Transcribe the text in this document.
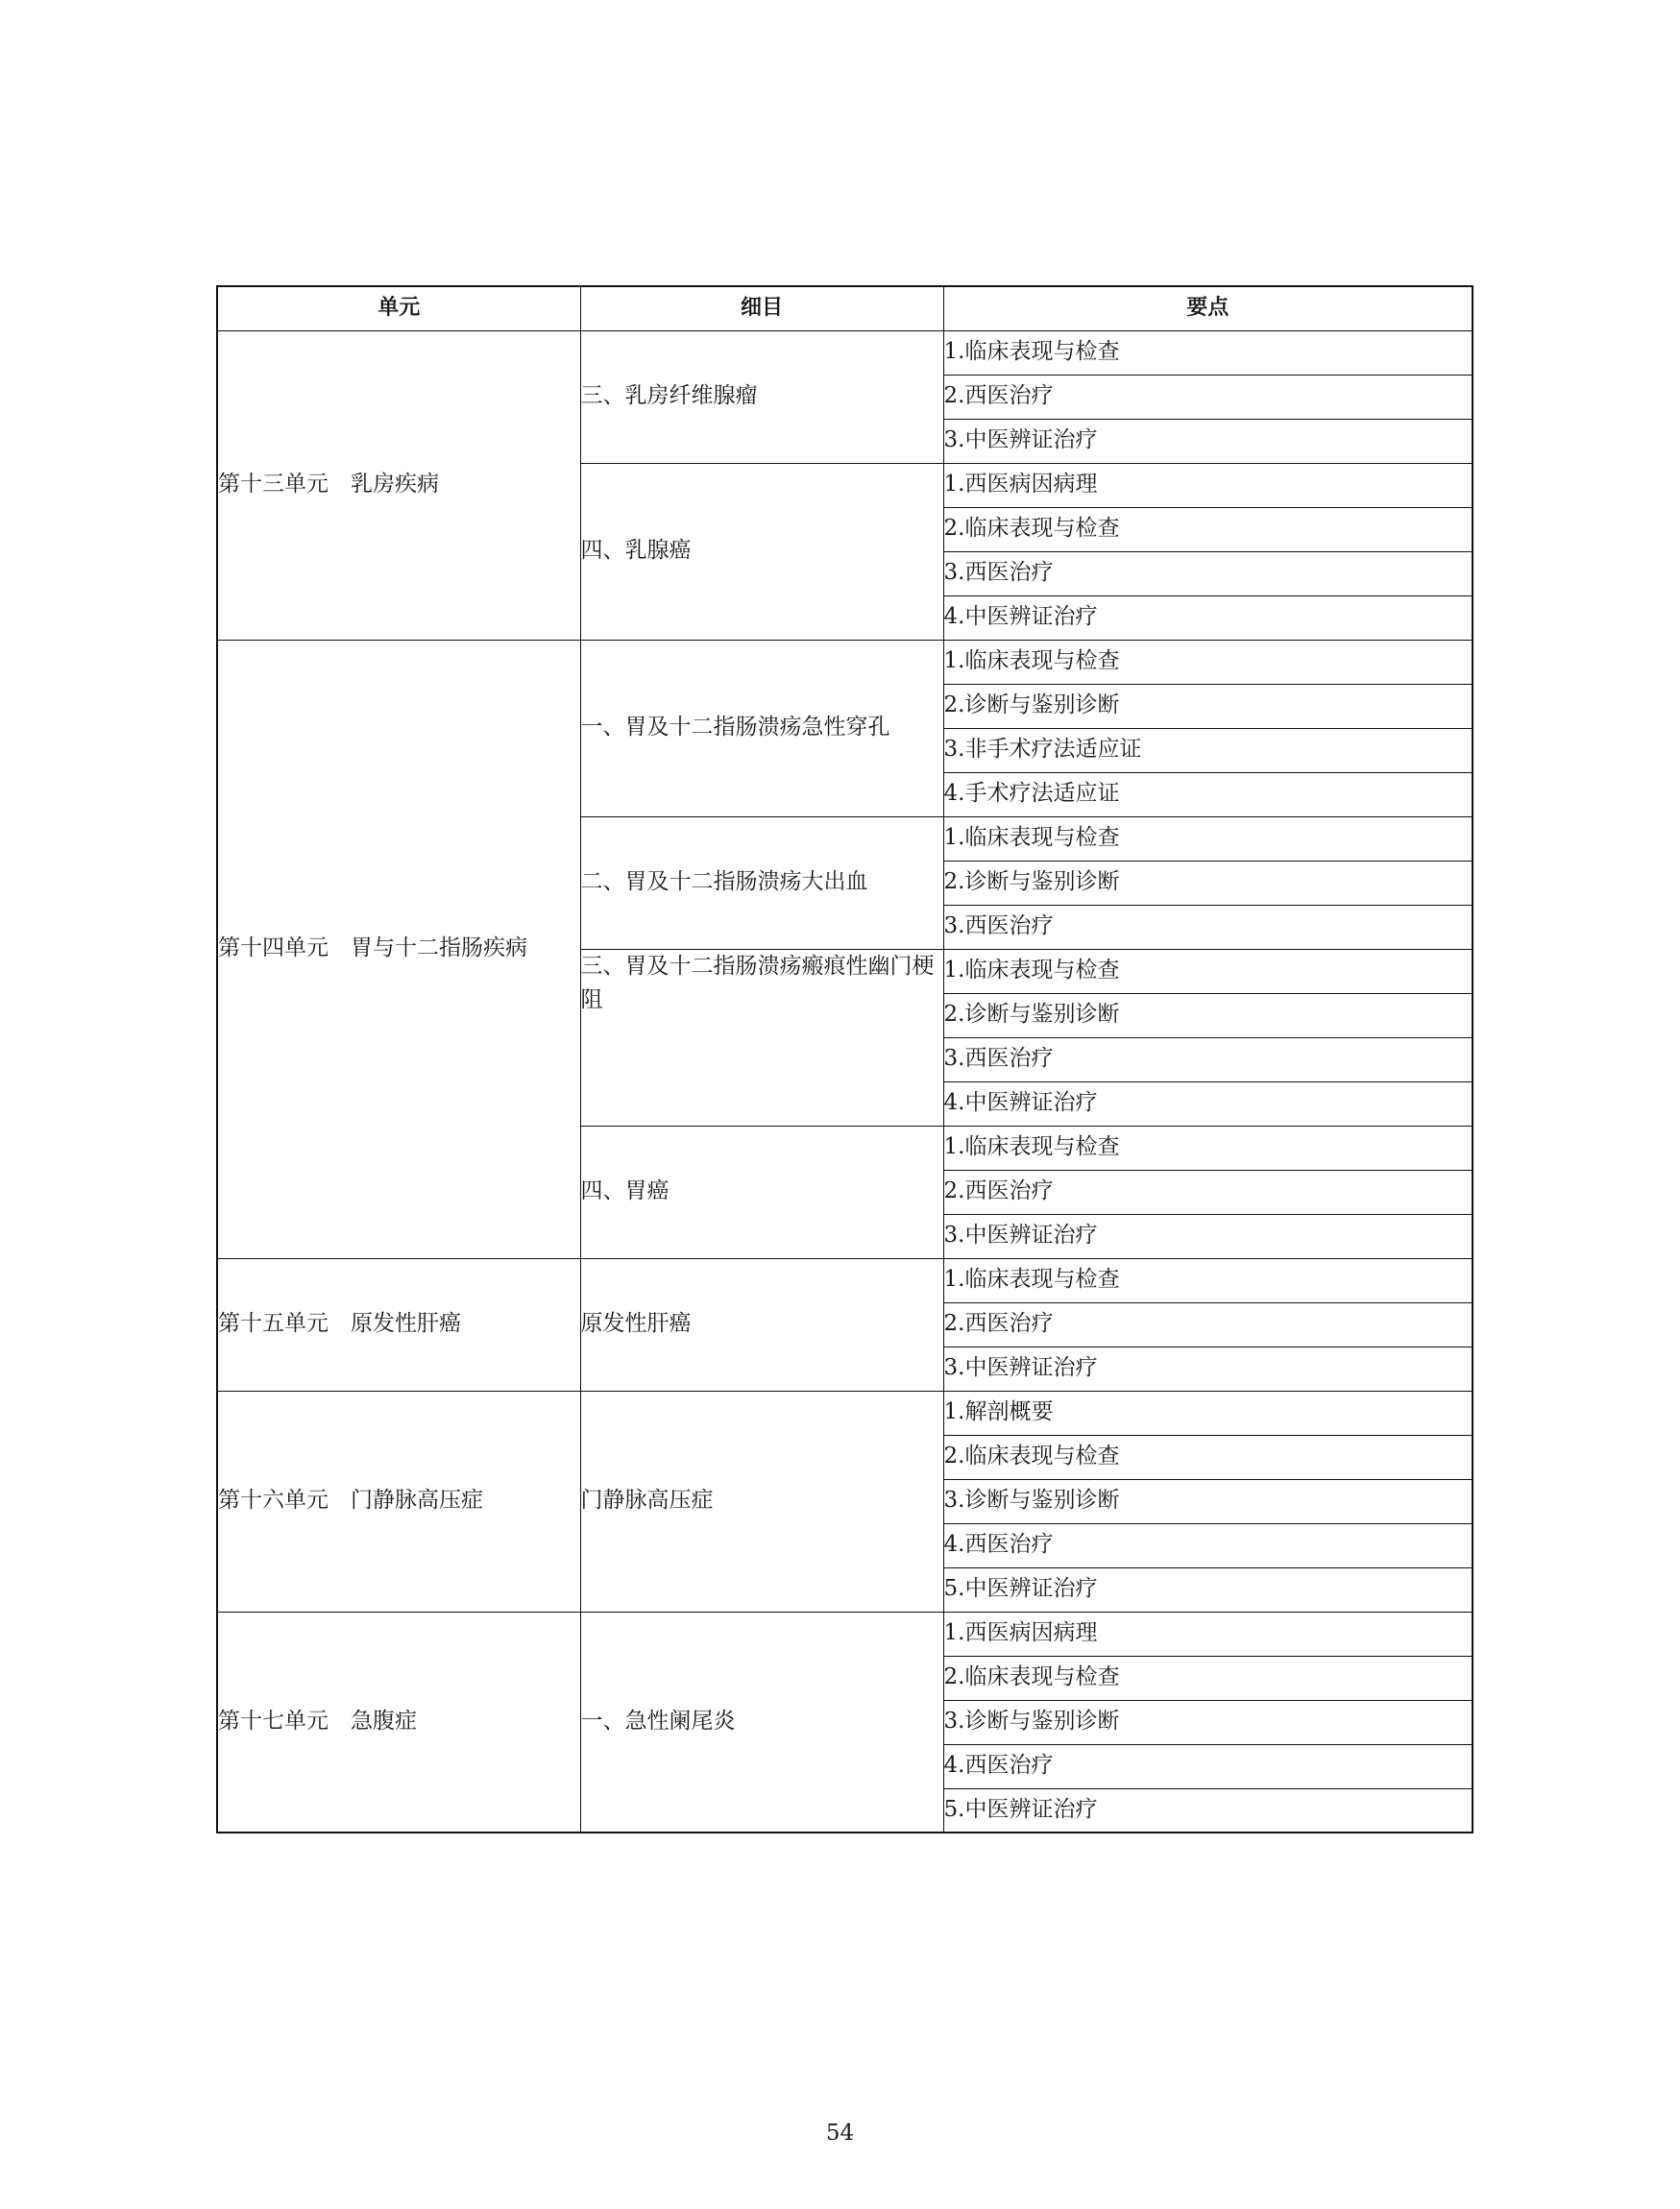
单元	细目	要点
第十三单元　乳房疾病	三、乳房纤维腺瘤	1.临床表现与检查
		2.西医治疗
		3.中医辨证治疗
	四、乳腺癌	1.西医病因病理
		2.临床表现与检查
		3.西医治疗
		4.中医辨证治疗
第十四单元　胃与十二指肠疾病	一、胃及十二指肠溃疡急性穿孔	1.临床表现与检查
		2.诊断与鉴别诊断
		3.非手术疗法适应证
		4.手术疗法适应证
	二、胃及十二指肠溃疡大出血	1.临床表现与检查
		2.诊断与鉴别诊断
		3.西医治疗
	三、胃及十二指肠溃疡瘢痕性幽门梗阻	1.临床表现与检查
		2.诊断与鉴别诊断
		3.西医治疗
		4.中医辨证治疗
	四、胃癌	1.临床表现与检查
		2.西医治疗
		3.中医辨证治疗
第十五单元　原发性肝癌	原发性肝癌	1.临床表现与检查
		2.西医治疗
		3.中医辨证治疗
第十六单元　门静脉高压症	门静脉高压症	1.解剖概要
		2.临床表现与检查
		3.诊断与鉴别诊断
		4.西医治疗
		5.中医辨证治疗
第十七单元　急腹症	一、急性阑尾炎	1.西医病因病理
		2.临床表现与检查
		3.诊断与鉴别诊断
		4.西医治疗
		5.中医辨证治疗
54
